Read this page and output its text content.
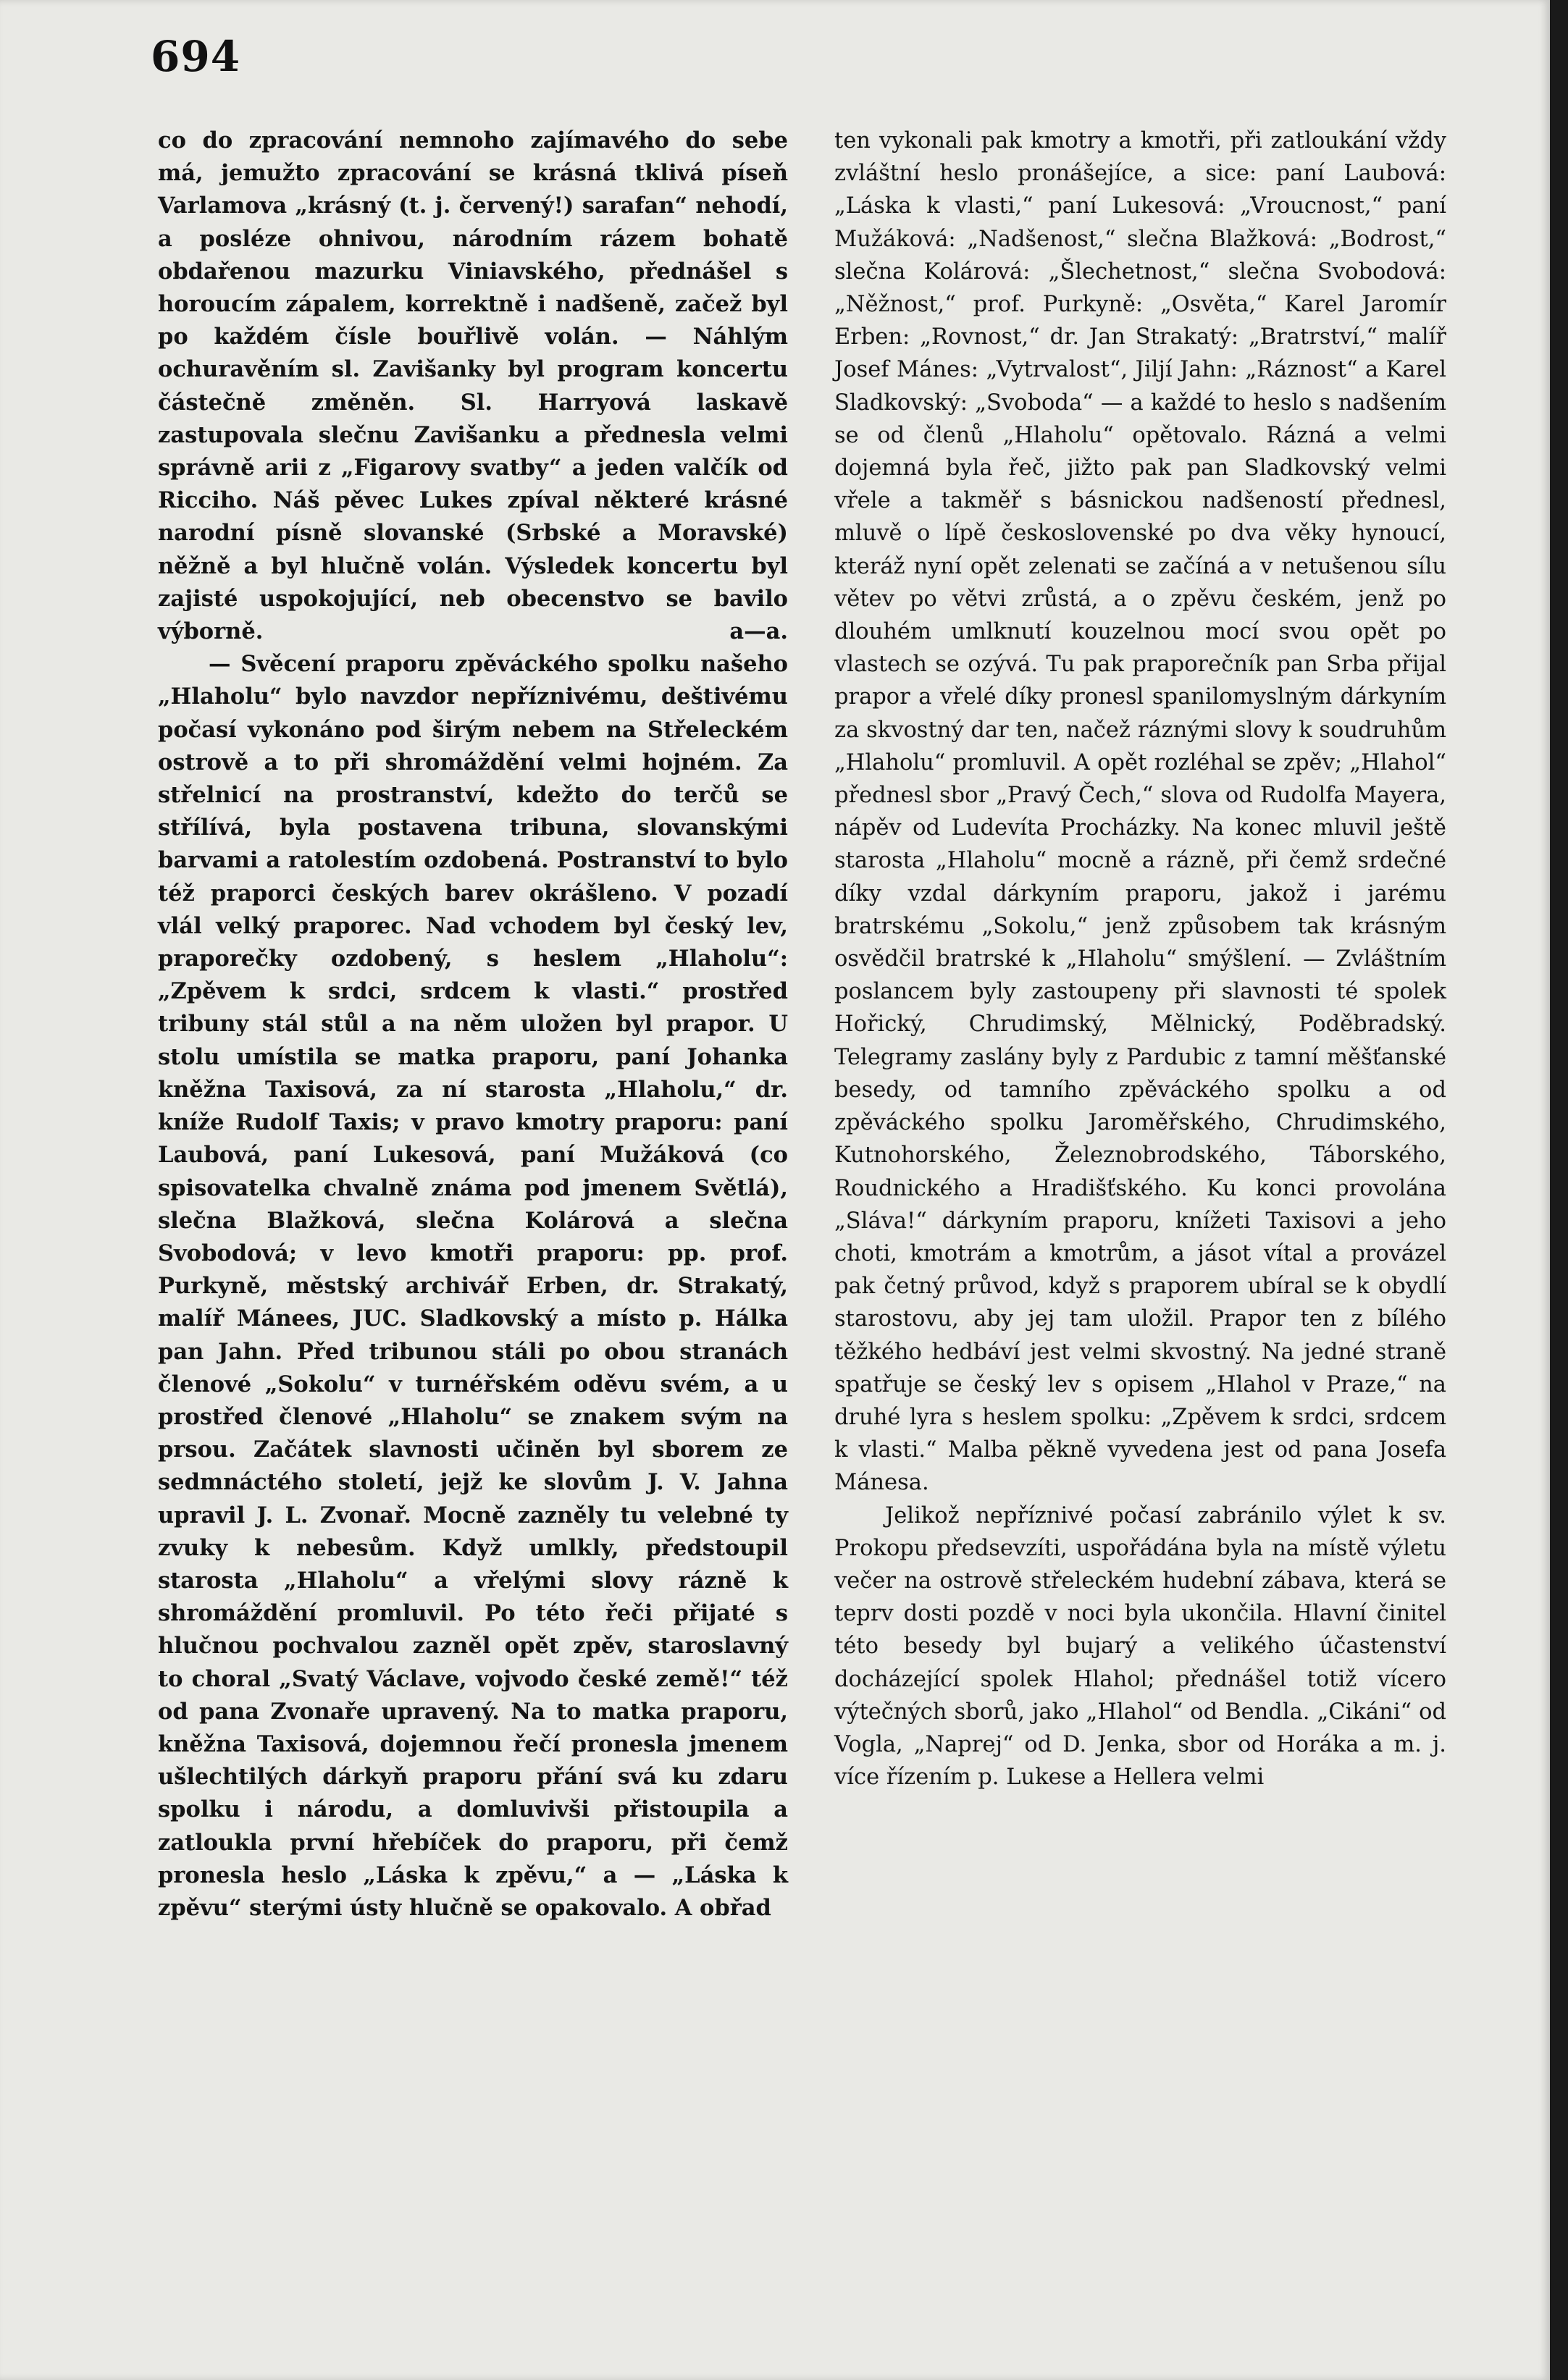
694

co do zpracování nemnoho zajímavého do sebe má, jemužto zpracování se krásná tklivá píseň Varlamova „krásný (t. j. červený!) sarafan“ nehodí, a posléze ohnivou, národním rázem bohatě obdařenou mazurku Viniavského, přednášel s horoucím zápalem, korrektně i nadšeně, začež byl po každém čísle bouřlivě volán. — Náhlým ochuravěním sl. Zavišanky byl program koncertu částečně změněn. Sl. Harryová laskavě zastupovala slečnu Zavišanku a přednesla velmi správně arii z „Figarovy svatby“ a jeden valčík od Ricciho. Náš pěvec Lukes zpíval některé krásné narodní písně slovanské (Srbské a Moravské) něžně a byl hlučně volán. Výsledek koncertu byl zajisté uspokojující, neb obecenstvo se bavilo výborně.	a—a.

— Svěcení praporu zpěváckého spolku našeho „Hlaholu“ bylo navzdor nepříznivému, deštivému počasí vykonáno pod širým nebem na Střeleckém ostrově a to při shromáždění velmi hojném. Za střelnicí na prostranství, kdežto do terčů se střílívá, byla postavena tribuna, slovanskými barvami a ratolestím ozdobená. Postranství to bylo též praporci českých barev okrášleno. V pozadí vlál velký praporec. Nad vchodem byl český lev, praporečky ozdobený, s heslem „Hlaholu“: „Zpěvem k srdci, srdcem k vlasti.“ prostřed tribuny stál stůl a na něm uložen byl prapor. U stolu umístila se matka praporu, paní Johanka kněžna Taxisová, za ní starosta „Hlaholu,“ dr. kníže Rudolf Taxis; v pravo kmotry praporu: paní Laubová, paní Lukesová, paní Mužáková (co spisovatelka chvalně známa pod jmenem Světlá), slečna Blažková, slečna Kolárová a slečna Svobodová; v levo kmotři praporu: pp. prof. Purkyně, městský archivář Erben, dr. Strakatý, malíř Mánees, JUC. Sladkovský a místo p. Hálka pan Jahn. Před tribunou stáli po obou stranách členové „Sokolu“ v turnéřském oděvu svém, a u prostřed členové „Hlaholu“ se znakem svým na prsou. Začátek slavnosti učiněn byl sborem ze sedmnáctého století, jejž ke slovům J. V. Jahna upravil J. L. Zvonař. Mocně zazněly tu velebné ty zvuky k nebesům. Když umlkly, předstoupil starosta „Hlaholu“ a vřelými slovy rázně k shromáždění promluvil. Po této řeči přijaté s hlučnou pochvalou zazněl opět zpěv, staroslavný to choral „Svatý Václave, vojvodo české země!“ též od pana Zvonaře upravený. Na to matka praporu, kněžna Taxisová, dojemnou řečí pronesla jmenem ušlechtilých dárkyň praporu přání svá ku zdaru spolku i národu, a domluvivši přistoupila a zatloukla první hřebíček do praporu, při čemž pronesla heslo „Láska k zpěvu,“ a — „Láska k zpěvu“ sterými ústy hlučně se opakovalo. A obřad

ten vykonali pak kmotry a kmotři, při zatloukání vždy zvláštní heslo pronášejíce, a sice: paní Laubová: „Láska k vlasti,“ paní Lukesová: „Vroucnost,“ paní Mužáková: „Nadšenost,“ slečna Blažková: „Bodrost,“ slečna Kolárová: „Šlechetnost,“ slečna Svobodová: „Něžnost,“ prof. Purkyně: „Osvěta,“ Karel Jaromír Erben: „Rovnost,“ dr. Jan Strakatý: „Bratrství,“ malíř Josef Mánes: „Vytrvalost“, Jiljí Jahn: „Ráznost“ a Karel Sladkovský: „Svoboda“ — a každé to heslo s nadšením se od členů „Hlaholu“ opětovalo. Rázná a velmi dojemná byla řeč, jižto pak pan Sladkovský velmi vřele a takměř s básnickou nadšeností přednesl, mluvě o lípě československé po dva věky hynoucí, kteráž nyní opět zelenati se začíná a v netušenou sílu větev po větvi zrůstá, a o zpěvu českém, jenž po dlouhém umlknutí kouzelnou mocí svou opět po vlastech se ozývá. Tu pak praporečník pan Srba přijal prapor a vřelé díky pronesl spanilomyslným dárkyním za skvostný dar ten, načež ráznými slovy k soudruhům „Hlaholu“ promluvil. A opět rozléhal se zpěv; „Hlahol“ přednesl sbor „Pravý Čech,“ slova od Rudolfa Mayera, nápěv od Ludevíta Procházky. Na konec mluvil ještě starosta „Hlaholu“ mocně a rázně, při čemž srdečné díky vzdal dárkyním praporu, jakož i jarému bratrskému „Sokolu,“ jenž způsobem tak krásným osvědčil bratrské k „Hlaholu“ smýšlení. — Zvláštním poslancem byly zastoupeny při slavnosti té spolek Hořický, Chrudimský, Mělnický, Poděbradský. Telegramy zaslány byly z Pardubic z tamní měšťanské besedy, od tamního zpěváckého spolku a od zpěváckého spolku Jaroměřského, Chrudimského, Kutnohorského, Železnobrodského, Táborského, Roudnického a Hradišťského. Ku konci provolána „Sláva!“ dárkyním praporu, knížeti Taxisovi a jeho choti, kmotrám a kmotrům, a jásot vítal a provázel pak četný průvod, když s praporem ubíral se k obydlí starostovu, aby jej tam uložil. Prapor ten z bílého těžkého hedbáví jest velmi skvostný. Na jedné straně spatřuje se český lev s opisem „Hlahol v Praze,“ na druhé lyra s heslem spolku: „Zpěvem k srdci, srdcem k vlasti.“ Malba pěkně vyvedena jest od pana Josefa Mánesa.

Jelikož nepříznivé počasí zabránilo výlet k sv. Prokopu předsevzíti, uspořádána byla na místě výletu večer na ostrově střeleckém hudební zábava, která se teprv dosti pozdě v noci byla ukončila. Hlavní činitel této besedy byl bujarý a velikého účastenství docházející spolek Hlahol; přednášel totiž vícero výtečných sborů, jako „Hlahol“ od Bendla. „Cikáni“ od Vogla, „Naprej“ od D. Jenka, sbor od Horáka a m. j. více řízením p. Lukese a Hellera velmi
